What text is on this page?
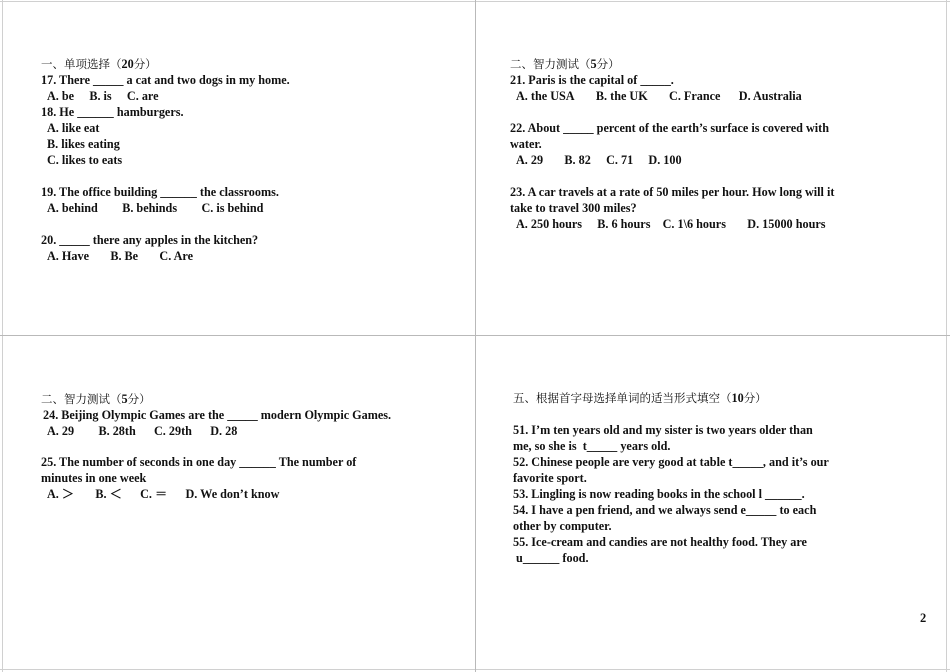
一、单项选择（20分）
17. There _____ a cat and two dogs in my home.
A. be B. is C. are
18. He ______ hamburgers.
A. like eat
B. likes eating
C. likes to eats
19. The office building ______ the classrooms.
A. behind B. behinds C. is behind
20. _____ there any apples in the kitchen?
A. Have B. Be C. Are
二、智力测试（5分）
21. Paris is the capital of _____.
A. the USA B. the UK C. France D. Australia
22. About _____ percent of the earth’s surface is covered with
water.
A. 29 B. 82 C. 71 D. 100
23. A car travels at a rate of 50 miles per hour. How long will it
take to travel 300 miles?
A. 250 hours B. 6 hours C. 1\6 hours D. 15000 hours
二、智力测试（5分）
24. Beijing Olympic Games are the _____ modern Olympic Games.
A. 29 B. 28th C. 29th D. 28
25. The number of seconds in one day ______ The number of
minutes in one week
A. ＞ B. ＜ C. ＝ D. We don’t know
五、根据首字母选择单词的适当形式填空（10分）
51. I’m ten years old and my sister is two years older than
me, so she is  t_____ years old.
52. Chinese people are very good at table t_____, and it’s our
favorite sport.
53. Lingling is now reading books in the school l ______.
54. I have a pen friend, and we always send e_____ to each
other by computer.
55. Ice-cream and candies are not healthy food. They are
u______ food.
2
